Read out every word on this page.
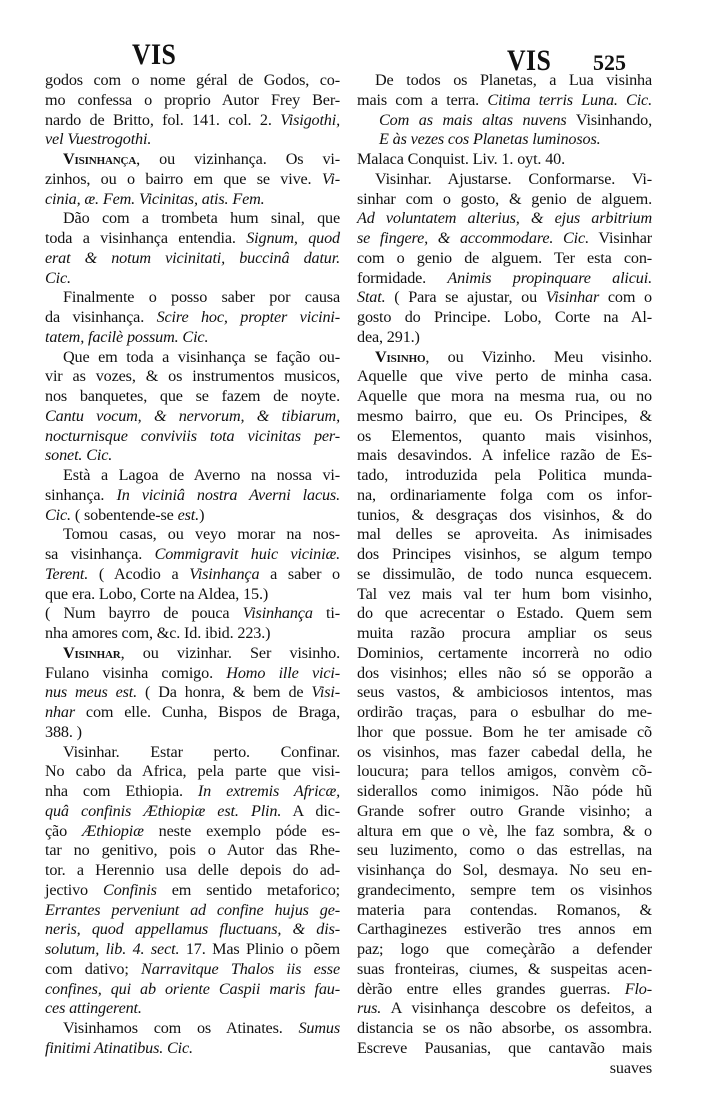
VIS	VIS 525
godos com o nome géral de Godos, co-
mo confessa o proprio Autor Frey Ber-
nardo de Britto, fol. 141. col. 2. Visigothi,
vel Vuestrogothi.
Visinhança, ou vizinhança. Os vi-
zinhos, ou o bairro em que se vive. Vi-
cinia, æ. Fem. Vicinitas, atis. Fem.
Dão com a trombeta hum sinal, que
toda a visinhança entendia. Signum, quod
erat & notum vicinitati, buccinâ datur.
Cic.
Finalmente o posso saber por causa
da visinhança. Scire hoc, propter vicini-
tatem, facilè possum. Cic.
Que em toda a visinhança se fação ou-
vir as vozes, & os instrumentos musicos,
nos banquetes, que se fazem de noyte.
Cantu vocum, & nervorum, & tibiarum,
nocturnisque conviviis tota vicinitas per-
sonet. Cic.
Està a Lagoa de Averno na nossa vi-
sinhança. In viciniâ nostra Averni lacus.
Cic. ( sobentende-se est.)
Tomou casas, ou veyo morar na nos-
sa visinhança. Commigravit huic viciniæ.
Terent. ( Acodio a Visinhança a saber o
que era. Lobo, Corte na Aldea, 15.)
( Num bayrro de pouca Visinhança ti-
nha amores com, &c. Id. ibid. 223.)
Visinhar, ou vizinhar. Ser visinho.
Fulano visinha comigo. Homo ille vici-
nus meus est. ( Da honra, & bem de Visi-
nhar com elle. Cunha, Bispos de Braga,
388. )
Visinhar. Estar perto. Confinar.
No cabo da Africa, pela parte que visi-
nha com Ethiopia. In extremis Africæ,
quâ confinis Æthiopiæ est. Plin. A dic-
ção Æthiopiæ neste exemplo póde es-
tar no genitivo, pois o Autor das Rhe-
tor. a Herennio usa delle depois do ad-
jectivo Confinis em sentido metaforico;
Errantes perveniunt ad confine hujus ge-
neris, quod appellamus fluctuans, & dis-
solutum, lib. 4. sect. 17. Mas Plinio o põem
com dativo; Narravitque Thalos iis esse
confines, qui ab oriente Caspii maris fau-
ces attingerent.
Visinhamos com os Atinates. Sumus
finitimi Atinatibus. Cic.
De todos os Planetas, a Lua visinha
mais com a terra. Citima terris Luna. Cic.
Com as mais altas nuvens Visinhando,
E às vezes cos Planetas luminosos.
Malaca Conquist. Liv. 1. oyt. 40.
Visinhar. Ajustarse. Conformarse. Vi-
sinhar com o gosto, & genio de alguem.
Ad voluntatem alterius, & ejus arbitrium
se fingere, & accommodare. Cic. Visinhar
com o genio de alguem. Ter esta con-
formidade. Animis propinquare alicui.
Stat. ( Para se ajustar, ou Visinhar com o
gosto do Principe. Lobo, Corte na Al-
dea, 291.)
Visinho, ou Vizinho. Meu visinho.
Aquelle que vive perto de minha casa.
Aquelle que mora na mesma rua, ou no
mesmo bairro, que eu. Os Principes, &
os Elementos, quanto mais visinhos,
mais desavindos. A infelice razão de Es-
tado, introduzida pela Politica munda-
na, ordinariamente folga com os infor-
tunios, & desgraças dos visinhos, & do
mal delles se aproveita. As inimisades
dos Principes visinhos, se algum tempo
se dissimulão, de todo nunca esquecem.
Tal vez mais val ter hum bom visinho,
do que acrecentar o Estado. Quem sem
muita razão procura ampliar os seus
Dominios, certamente incorrerà no odio
dos visinhos; elles não só se opporão a
seus vastos, & ambiciosos intentos, mas
ordirão traças, para o esbulhar do me-
lhor que possue. Bom he ter amisade cõ
os visinhos, mas fazer cabedal della, he
loucura; para tellos amigos, convèm cõ-
siderallos como inimigos. Não póde hũ
Grande sofrer outro Grande visinho; a
altura em que o vè, lhe faz sombra, & o
seu luzimento, como o das estrellas, na
visinhança do Sol, desmaya. No seu en-
grandecimento, sempre tem os visinhos
materia para contendas. Romanos, &
Carthaginezes estiverão tres annos em
paz; logo que começàrão a defender
suas fronteiras, ciumes, & suspeitas acen-
dèrão entre elles grandes guerras. Flo-
rus. A visinhança descobre os defeitos, a
distancia se os não absorbe, os assombra.
Escreve Pausanias, que cantavão mais
suaves
